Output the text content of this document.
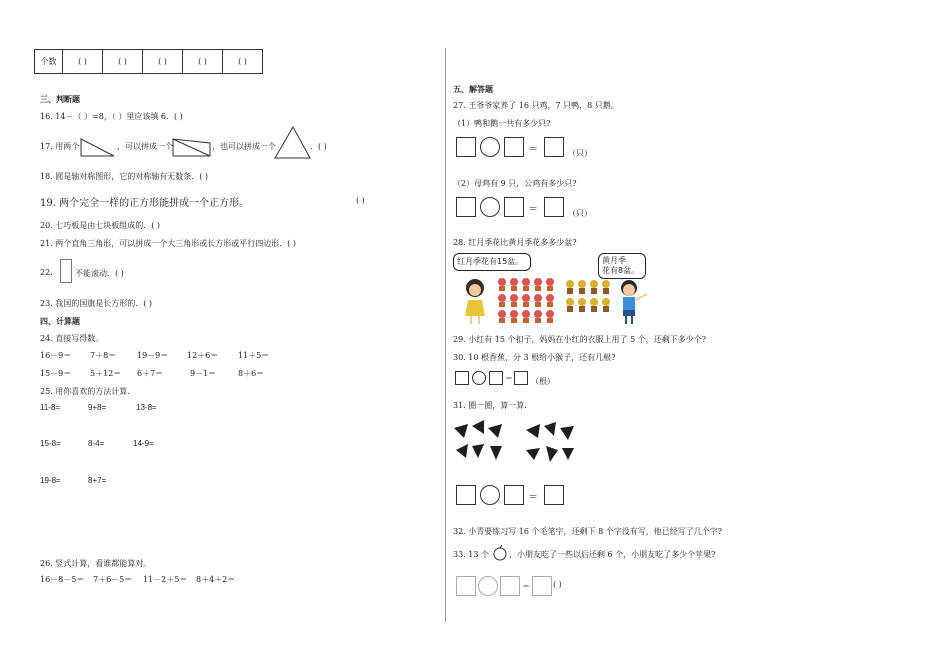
个数	( )	( )	( )	( )	( )
三、判断题
16. 14－（ ）=8，（ ）里应该填 6．( )
17. 用两个	，可以拼成一个	，也可以拼成一个	．( )
18. 圆是轴对称图形，它的对称轴有无数条．( )
19. 两个完全一样的正方形能拼成一个正方形。	( )
20. 七巧板是由七块板组成的．( )
21. 两个直角三角形，可以拼成一个大三角形或长方形或平行四边形．( )
22.	不能滚动．( )
23. 我国的国旗是长方形的．( )
四、计算题
24. 直接写得数。
16－9＝ 7＋8＝	19－9＝ 12＋6＝ 11＋5＝
15－9＝ 5＋12＝ 6＋7＝	9－1＝	8＋6＝
25. 用你喜欢的方法计算.
11-8=	9+8=	13-8=
15-8=	8-4=	14-9=
19-8=	8+7=
26. 竖式计算，看谁都能算对。
16－8－5＝ 7＋6－5＝ 11－2＋5＝ 8＋4＋2＝
五、解答题
27. 王爷爷家养了 16 只鸡，7 只鸭，8 只鹅。
（1）鸭和鹅一共有多少只?
＝	（只）
（2）母鸡有 9 只，公鸡有多少只?
＝	（只）
28. 红月季花比黄月季花多多少盆?
红月季花有15盆。	黄月季
花有8盆。
29. 小红有 15 个扣子，妈妈在小红的衣服上用了 5 个，还剩下多少个?
30. 10 根香蕉，分 3 根给小猴子，还有几根?
＝ （根）
31. 圈一圈，算一算.
＝
32. 小青要练习写 16 个毛笔字，还剩下 8 个字没有写，他已经写了几个字?
33. 13 个	，小朋友吃了一些以后还剩 6 个，小朋友吃了多少个苹果?
＝	( )
